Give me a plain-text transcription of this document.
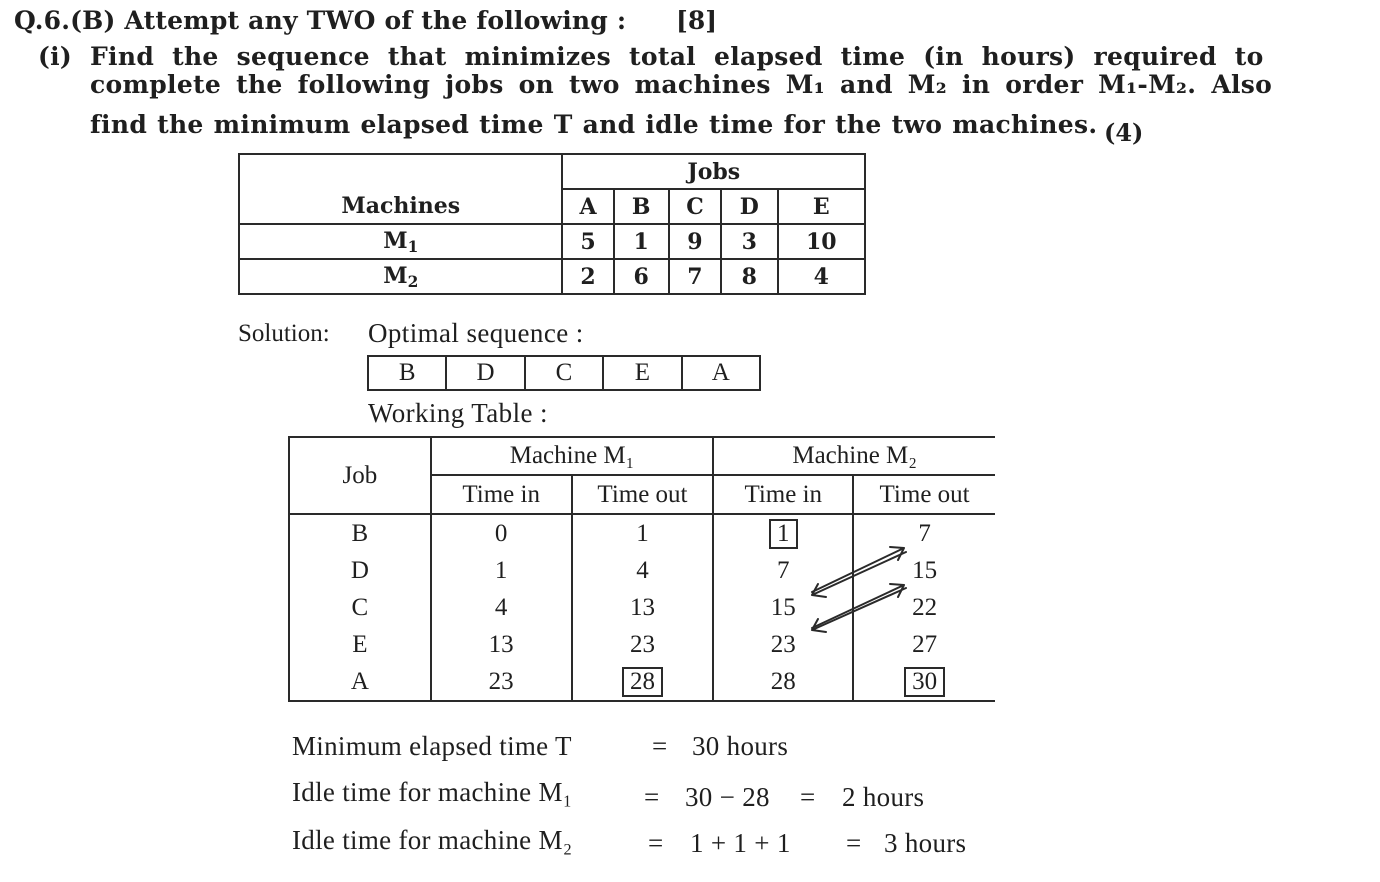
Q.6.(B) Attempt any TWO of the following : [8]
(i) Find the sequence that minimizes total elapsed time (in hours) required to
complete the following jobs on two machines M₁ and M₂ in order M₁-M₂. Also
find the minimum elapsed time T and idle time for the two machines. (4)
	Jobs				
Machines	A	B	C	D	E
$M_1$	5	1	9	3	10
$M_2$	2	6	7	8	4
Solution: Optimal sequence :
B	D	C	E	A
Working Table :
Job	Machine M₁		Machine M₂	
	Time in	Time out	Time in	Time out
B	0	1	1	7
D	1	4	7	15
C	4	13	15	22
E	13	23	23	27
A	23	28	28	30
Minimum elapsed time T	= 30 hours
Idle time for machine M₁	= 30 − 28 = 2 hours
Idle time for machine M₂	= 1 + 1 + 1 = 3 hours
